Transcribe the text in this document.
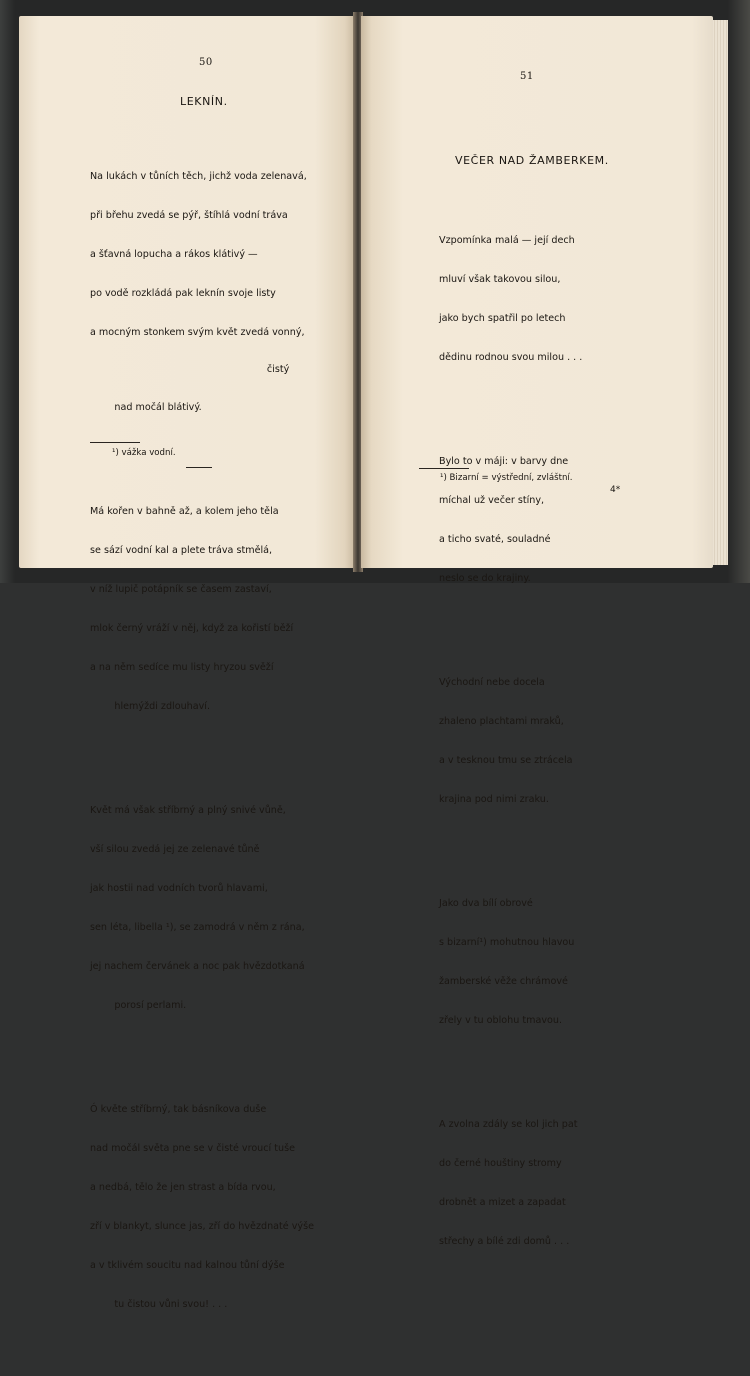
50
LEKNÍN.

Na lukách v tůních těch, jichž voda zelenavá,

při břehu zvedá se pýř, štíhlá vodní tráva

a šťavná lopucha a rákos klátivý —

po vodě rozkládá pak leknín svoje listy

a mocným stonkem svým květ zvedá vonný,

čistý

nad močál blátivý.

Má kořen v bahně až, a kolem jeho těla

se sází vodní kal a plete tráva stmělá,

v níž lupič potápník se časem zastaví,

mlok černý vráží v něj, když za kořistí běží

a na něm sedíce mu listy hryzou svěží

hlemýždi zdlouhaví.

Květ má však stříbrný a plný snivé vůně,

vší silou zvedá jej ze zelenavé tůně

jak hostii nad vodních tvorů hlavami,

sen léta, libella ¹), se zamodrá v něm z rána,

jej nachem červánek a noc pak hvězdotkaná

porosí perlami.

Ó květe stříbrný, tak básníkova duše

nad močál světa pne se v čisté vroucí tuše

a nedbá, tělo že jen strast a bída rvou,

zří v blankyt, slunce jas, zří do hvězdnaté výše

a v tklivém soucitu nad kalnou tůní dýše

tu čistou vůni svou! . . .

¹) vážka vodní.
51
VEČER NAD ŽAMBERKEM.

Vzpomínka malá — její dech

mluví však takovou silou,

jako bych spatřil po letech

dědinu rodnou svou milou . . .

Bylo to v máji: v barvy dne

míchal už večer stíny,

a ticho svaté, souladné

neslo se do krajiny.

Východní nebe docela

zhaleno plachtami mraků,

a v tesknou tmu se ztrácela

krajina pod nimi zraku.

Jako dva bílí obrové

s bizarní¹) mohutnou hlavou

žamberské věže chrámové

zřely v tu oblohu tmavou.

A zvolna zdály se kol jich pat

do černé houštiny stromy

drobnět a mizet a zapadat

střechy a bílé zdi domů . . .

¹) Bizarní = výstřední, zvláštní.
4*
